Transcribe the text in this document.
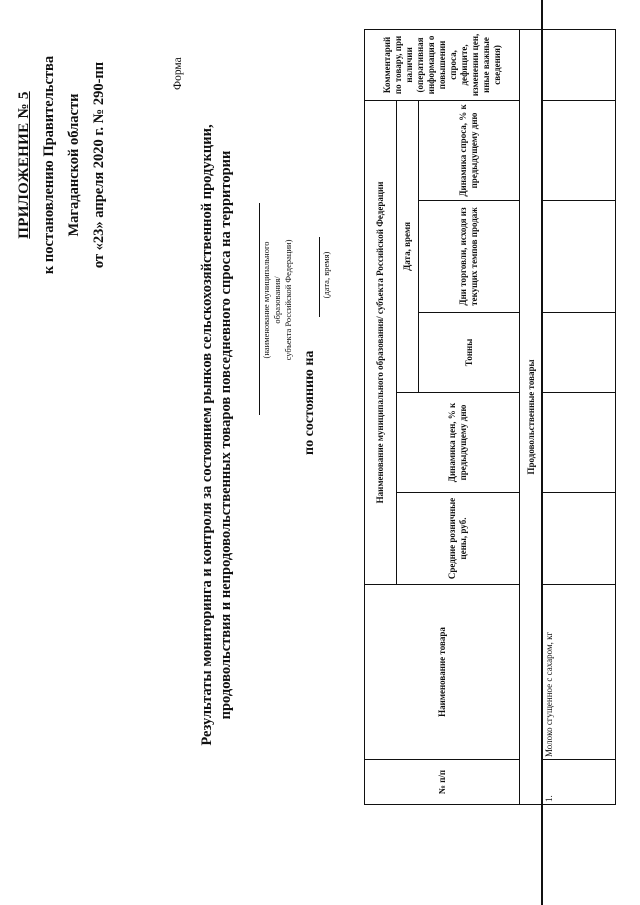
ПРИЛОЖЕНИЕ № 5 к постановлению Правительства Магаданской области от «23» апреля 2020 г. № 290-пп	Форма
Результаты мониторинга и контроля за состоянием рынков сельскохозяйственной продукции, продовольствия и непродовольственных товаров повседневного спроса на территории	(наименование муниципального образования/ субъекта Российской Федерации)
по состоянию на
(дата, время)
№ п/п	Наименование товара	Наименование муниципального образования/ субъекта Российской Федерации					Комментарий по товару, при наличии (оперативная информация о повышении спроса, дефиците, изменении цен, иные важные сведения)
		Средние розничные цены, руб.	Динамика цен, % к предыдущему дню	Дата, время			
				Тонны	Дни торговли, исходя из текущих темпов продаж	Динамика спроса, % к предыдущему дню	
Продовольственные товары							
1.	Молоко сгущенное с сахаром, кг						
